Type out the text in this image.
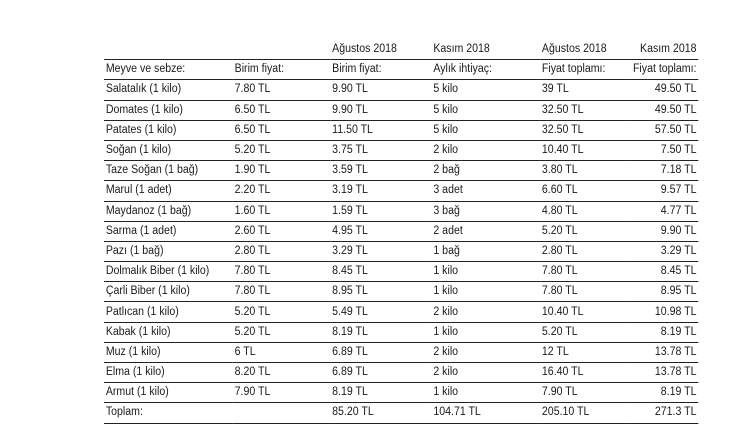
		Ağustos 2018	Kasım 2018	Ağustos 2018	Kasım 2018
Meyve ve sebze:	Birim fiyat:	Birim fiyat:	Aylık ihtiyaç:	Fiyat toplamı:	Fiyat toplamı:
Salatalık (1 kilo)	7.80 TL	9.90 TL	5 kilo	39 TL	49.50 TL
Domates (1 kilo)	6.50 TL	9.90 TL	5 kilo	32.50 TL	49.50 TL
Patates (1 kilo)	6.50 TL	11.50 TL	5 kilo	32.50 TL	57.50 TL
Soğan (1 kilo)	5.20 TL	3.75 TL	2 kilo	10.40 TL	7.50 TL
Taze Soğan (1 bağ)	1.90 TL	3.59 TL	2 bağ	3.80 TL	7.18 TL
Marul (1 adet)	2.20 TL	3.19 TL	3 adet	6.60 TL	9.57 TL
Maydanoz (1 bağ)	1.60 TL	1.59 TL	3 bağ	4.80 TL	4.77 TL
Sarma (1 adet)	2.60 TL	4.95 TL	2 adet	5.20 TL	9.90 TL
Pazı (1 bağ)	2.80 TL	3.29 TL	1 bağ	2.80 TL	3.29 TL
Dolmalık Biber (1 kilo)	7.80 TL	8.45 TL	1 kilo	7.80 TL	8.45 TL
Çarli Biber (1 kilo)	7.80 TL	8.95 TL	1 kilo	7.80 TL	8.95 TL
Patlıcan (1 kilo)	5.20 TL	5.49 TL	2 kilo	10.40 TL	10.98 TL
Kabak (1 kilo)	5.20 TL	8.19 TL	1 kilo	5.20 TL	8.19 TL
Muz (1 kilo)	6 TL	6.89 TL	2 kilo	12 TL	13.78 TL
Elma (1 kilo)	8.20 TL	6.89 TL	2 kilo	16.40 TL	13.78 TL
Armut (1 kilo)	7.90 TL	8.19 TL	1 kilo	7.90 TL	8.19 TL
Toplam:		85.20 TL	104.71 TL	205.10 TL	271.3 TL
